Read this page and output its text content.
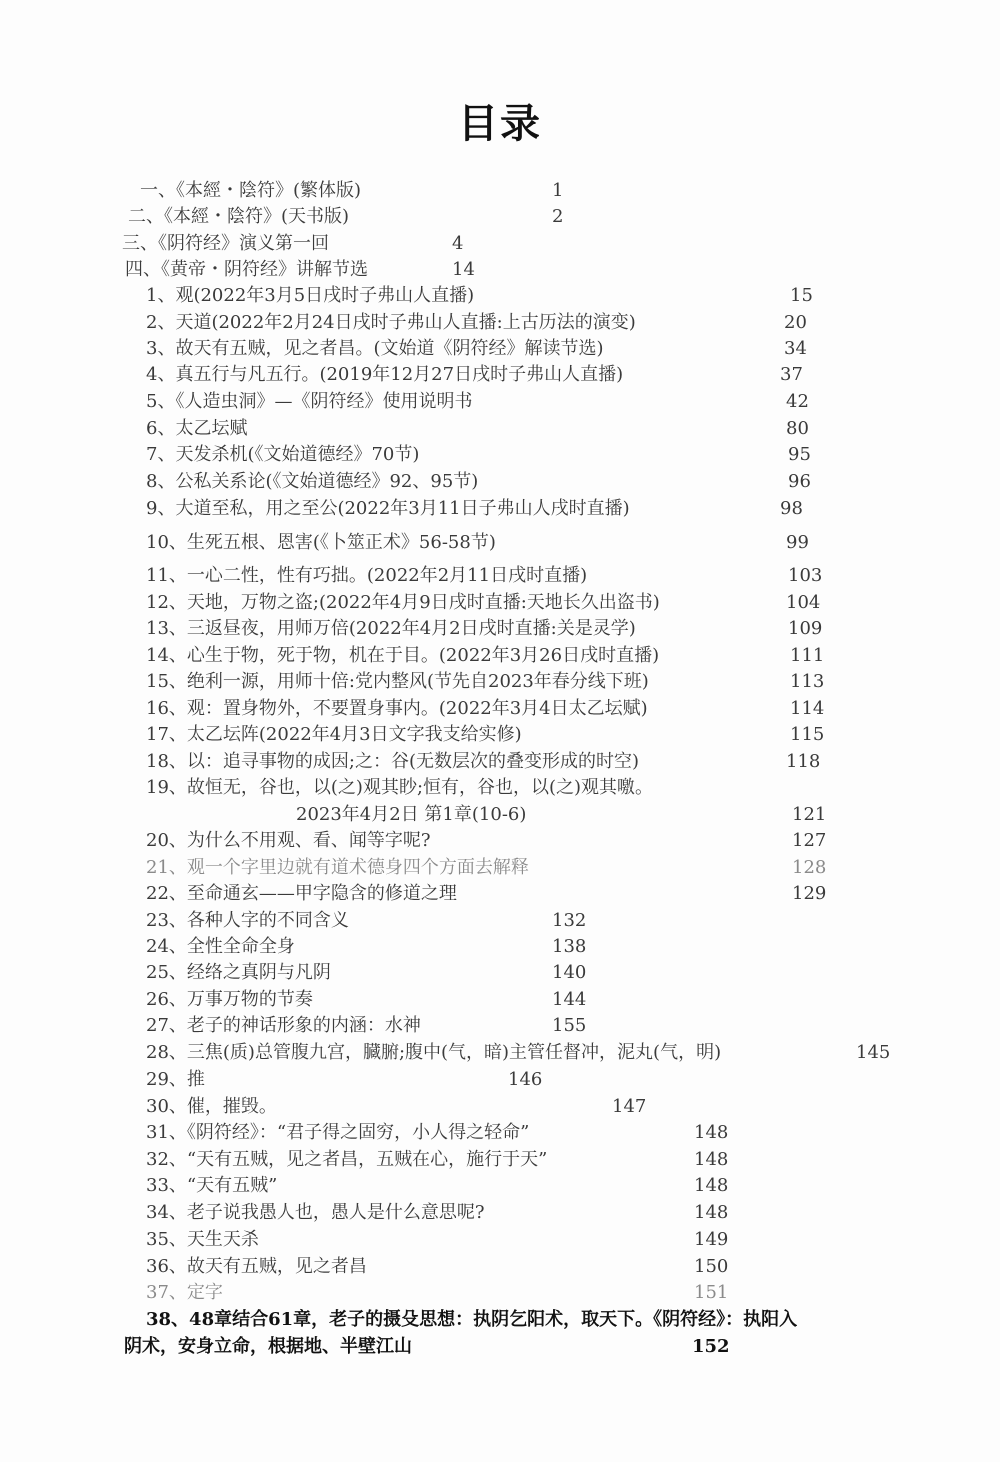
目录
一、《本經・陰符》(繁体版)	1
二、《本經・陰符》(天书版)	2
三、《阴符经》演义第一回	4
四、《黄帝・阴符经》讲解节选	14
1、观(2022年3月5日戌时子弗山人直播)	15
2、天道(2022年2月24日戌时子弗山人直播:上古历法的演变)	20
3、故天有五贼，见之者昌。(文始道《阴符经》解读节选)	34
4、真五行与凡五行。(2019年12月27日戌时子弗山人直播)	37
5、《人造虫洞》—《阴符经》使用说明书	42
6、太乙坛赋	80
7、天发杀机(《文始道德经》70节)	95
8、公私关系论(《文始道德经》92、95节)	96
9、大道至私，用之至公(2022年3月11日子弗山人戌时直播)	98
10、生死五根、恩害(《卜筮正术》56-58节)	99
11、一心二性，性有巧拙。(2022年2月11日戌时直播)	103
12、天地，万物之盗;(2022年4月9日戌时直播:天地长久出盗书)	104
13、三返昼夜，用师万倍(2022年4月2日戌时直播:关是灵学)	109
14、心生于物，死于物，机在于目。(2022年3月26日戌时直播)	111
15、绝利一源，用师十倍:党内整风(节先自2023年春分线下班)	113
16、观：置身物外，不要置身事内。(2022年3月4日太乙坛赋)	114
17、太乙坛阵(2022年4月3日文字我支给实修)	115
18、以：追寻事物的成因;之：谷(无数层次的叠变形成的时空)	118
19、故恒无，谷也，以(之)观其眇;恒有，谷也，以(之)观其噭。
2023年4月2日 第1章(10-6)	121
20、为什么不用观、看、闻等字呢?	127
21、观一个字里边就有道术德身四个方面去解释	128
22、至命通玄——甲字隐含的修道之理	129
23、各种人字的不同含义	132
24、全性全命全身	138
25、经络之真阴与凡阴	140
26、万事万物的节奏	144
27、老子的神话形象的内涵：水神	155
28、三焦(质)总管腹九宫，臓腑;腹中(气，暗)主管任督冲，泥丸(气，明)	145
29、推	146
30、催，摧毁。	147
31、《阴符经》：“君子得之固穷，小人得之轻命”	148
32、“天有五贼，见之者昌，五贼在心，施行于天”	148
33、“天有五贼”	148
34、老子说我愚人也，愚人是什么意思呢?	148
35、天生天杀	149
36、故天有五贼，见之者昌	150
37、定字	151
38、48章结合61章，老子的摄殳思想：执阴乞阳术，取天下。《阴符经》：执阳入
阴术，安身立命，根据地、半壁江山	152
